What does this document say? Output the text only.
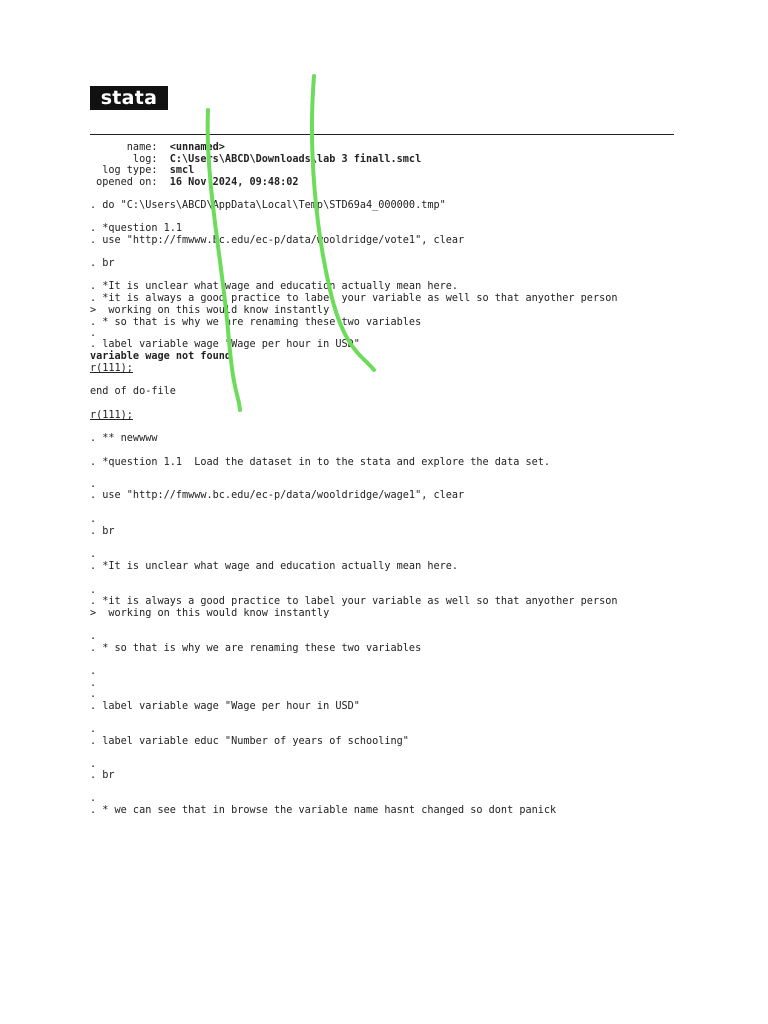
stata
name:  <unnamed>
log:  C:\Users\ABCD\Downloads\lab 3 finall.smcl
log type:  smcl
opened on:  16 Nov 2024, 09:48:02
. do "C:\Users\ABCD\AppData\Local\Temp\STD69a4_000000.tmp"
. *question 1.1
. use "http://fmwww.bc.edu/ec-p/data/wooldridge/vote1", clear
. br
. *It is unclear what wage and education actually mean here.
. *it is always a good practice to label your variable as well so that anyother person
>  working on this would know instantly
. * so that is why we are renaming these two variables
.
. label variable wage "Wage per hour in USD"
variable wage not found
r(111);
end of do-file
r(111);
. ** newwww
. *question 1.1  Load the dataset in to the stata and explore the data set.
.
. use "http://fmwww.bc.edu/ec-p/data/wooldridge/wage1", clear
.
. br
.
. *It is unclear what wage and education actually mean here.
.
. *it is always a good practice to label your variable as well so that anyother person
>  working on this would know instantly
.
. * so that is why we are renaming these two variables
.
.
.
. label variable wage "Wage per hour in USD"
.
. label variable educ "Number of years of schooling"
.
. br
.
. * we can see that in browse the variable name hasnt changed so dont panick
